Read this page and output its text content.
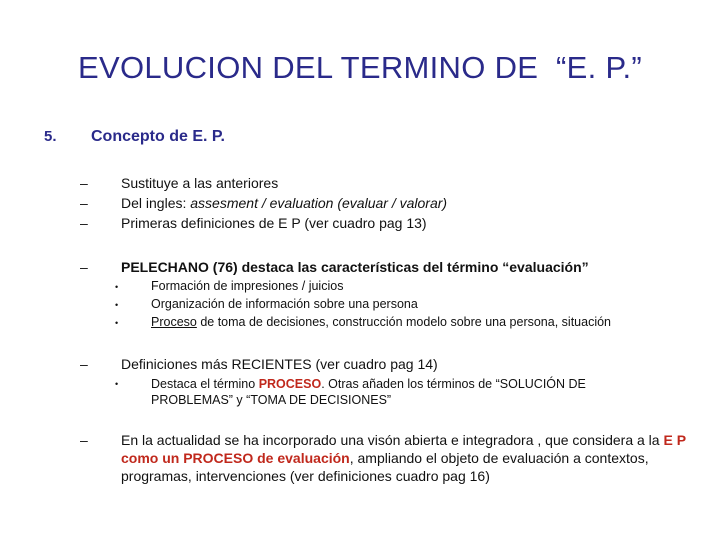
EVOLUCION DEL TERMINO DE  “E. P.”
5. Concepto de E. P.
– Sustituye a las anteriores
– Del ingles: assesment / evaluation (evaluar / valorar)
– Primeras definiciones de E P (ver cuadro pag 13)
– PELECHANO (76) destaca las características del término “evaluación”
•	Formación de impresiones / juicios
•	Organización de información sobre una persona
•	Proceso de toma de decisiones, construcción modelo sobre una persona, situación
– Definiciones más RECIENTES (ver cuadro pag 14)
•	Destaca el término PROCESO. Otras añaden los términos de “SOLUCIÓN DE PROBLEMAS” y “TOMA DE DECISIONES”
– En la actualidad se ha incorporado una visón abierta e integradora , que considera a la E P como un PROCESO de evaluación, ampliando el objeto de evaluación a contextos, programas, intervenciones (ver definiciones cuadro pag 16)
